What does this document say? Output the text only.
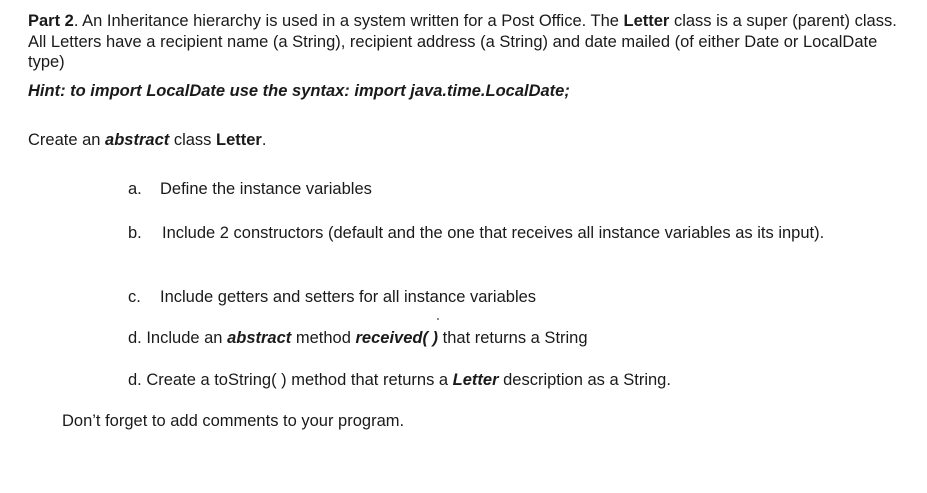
Part 2. An Inheritance hierarchy is used in a system written for a Post Office. The Letter class is a super (parent) class. All Letters have a recipient name (a String), recipient address (a String) and date mailed (of either Date or LocalDate type)
Hint: to import LocalDate use the syntax: import java.time.LocalDate;
Create an abstract class Letter.
a. Define the instance variables
b. Include 2 constructors (default and the one that receives all instance variables as its input).
c. Include getters and setters for all instance variables
d. Include an abstract method received( ) that returns a String
d. Create a toString( ) method that returns a Letter description as a String.
Don’t forget to add comments to your program.
